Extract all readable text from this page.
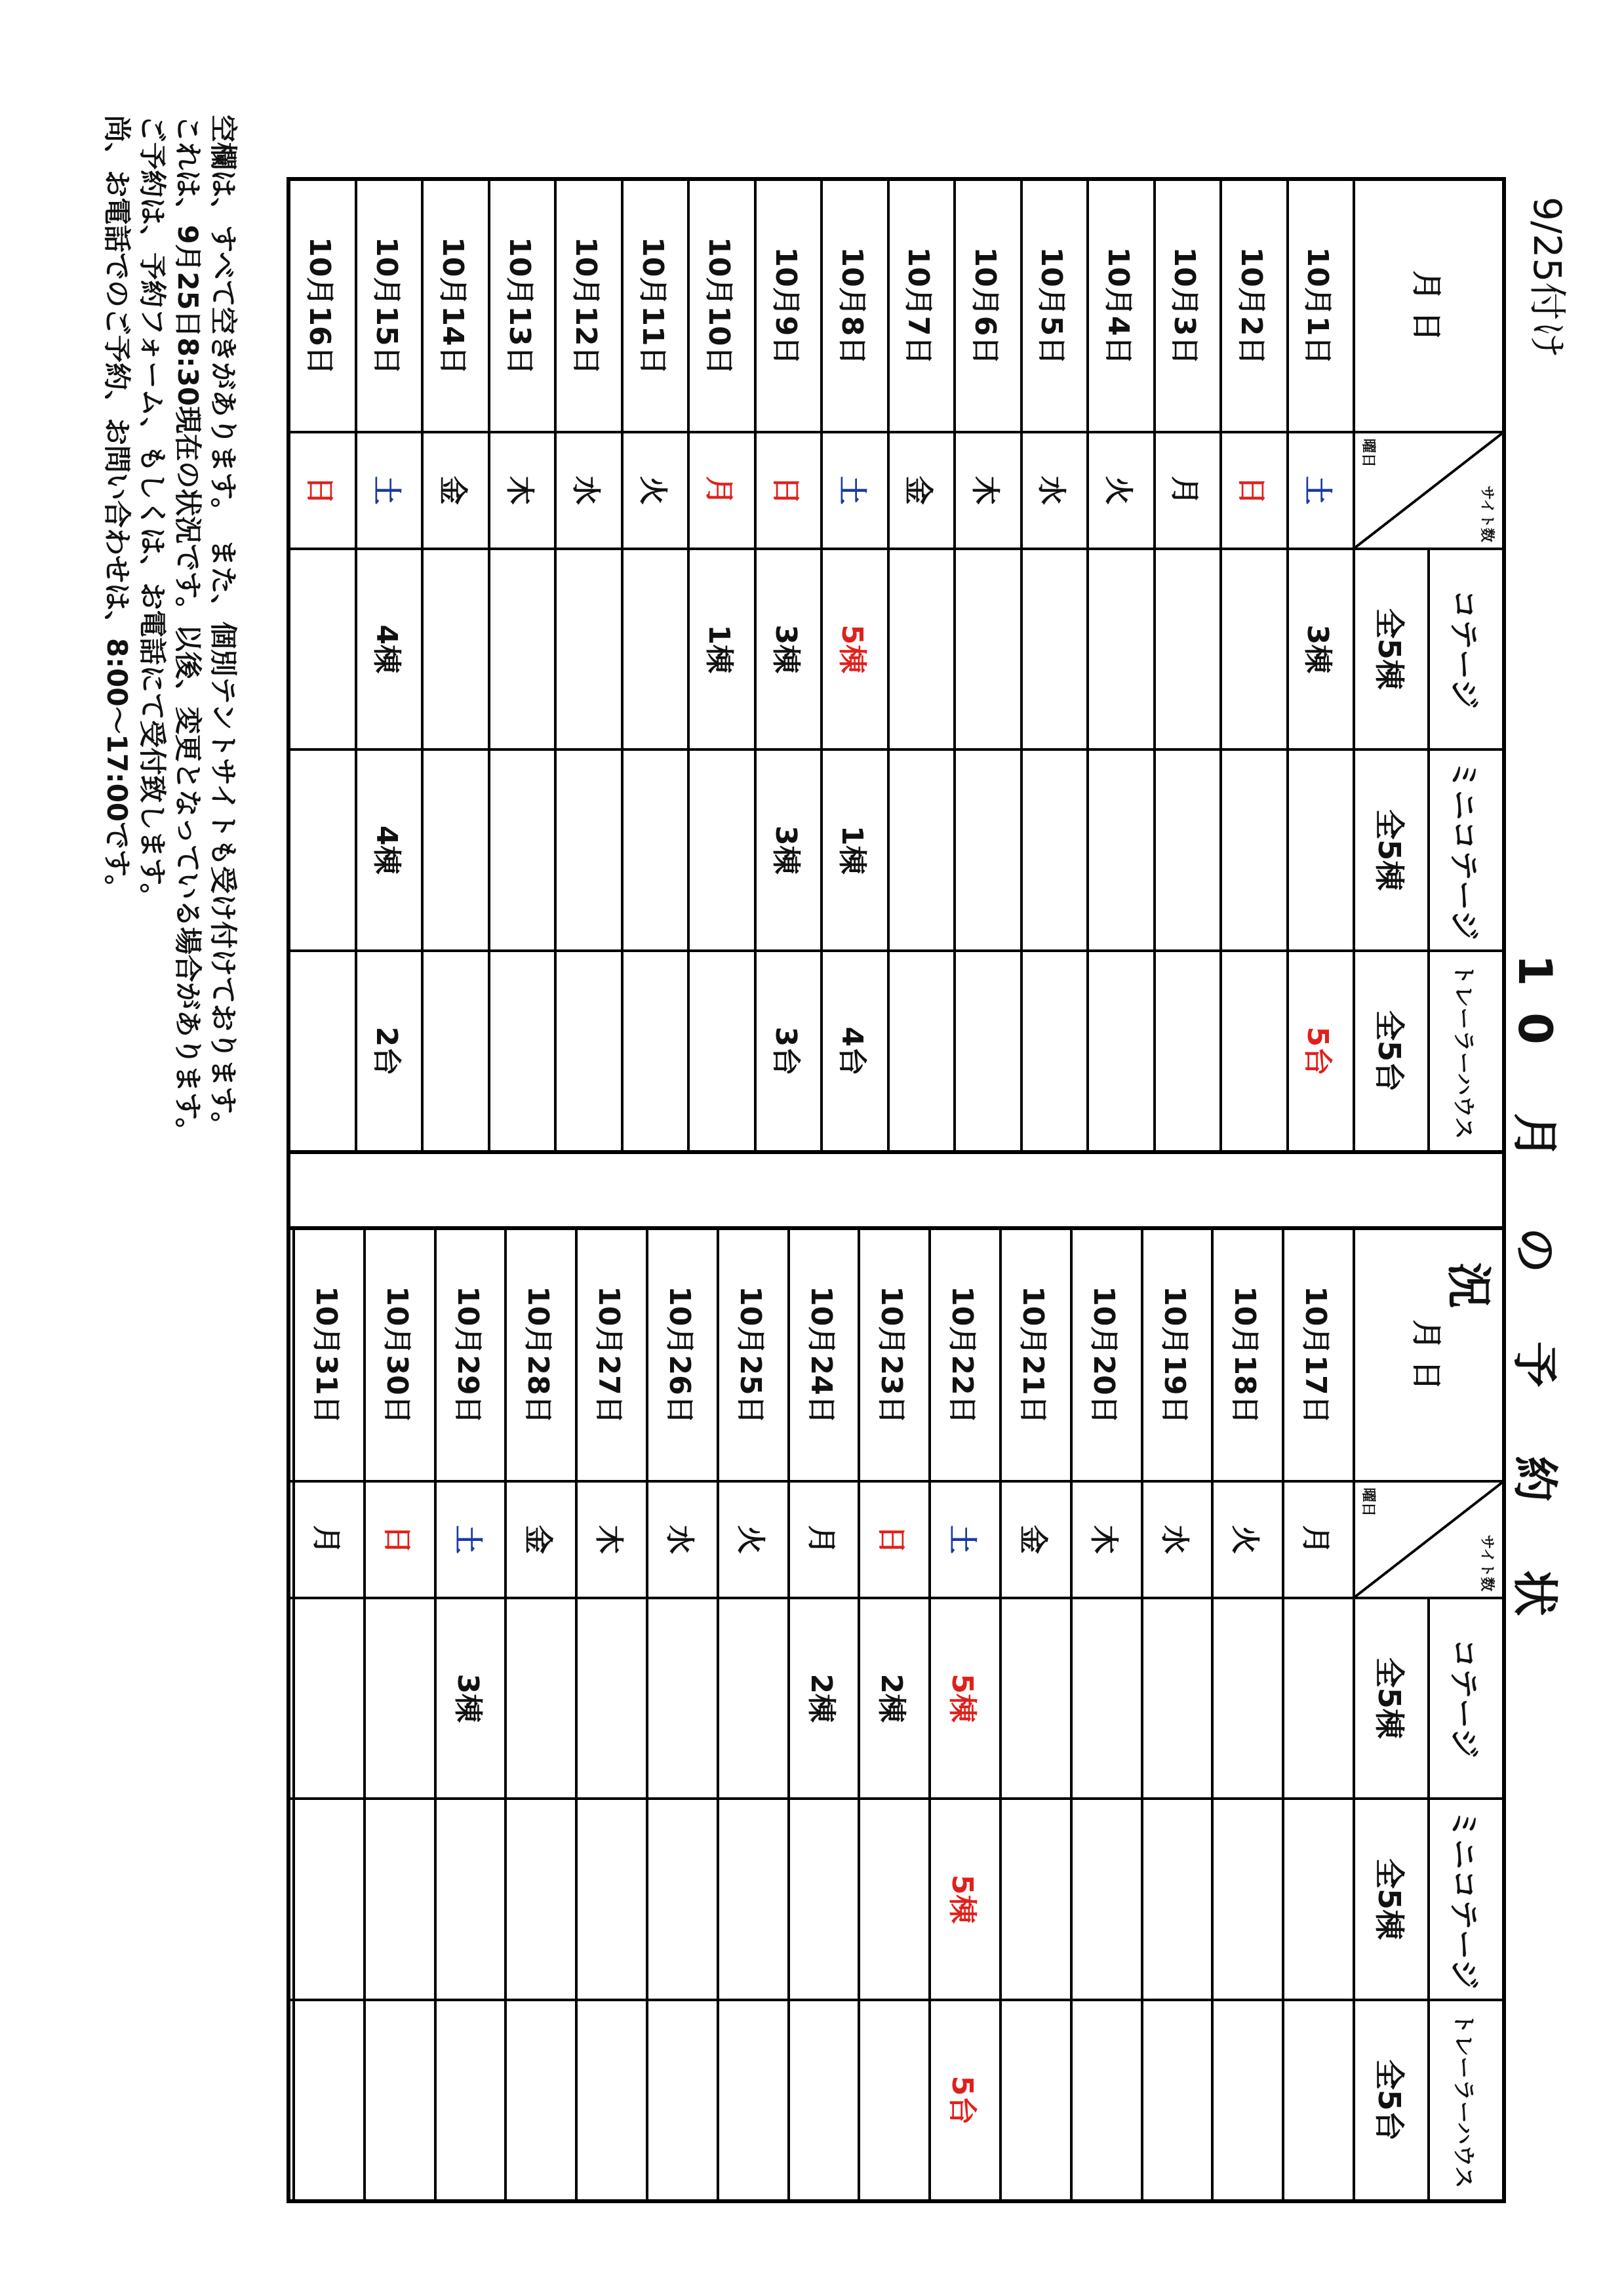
10 月 の 予 約 状 況
9/25付け
月 日	サイト数
曜日	コテージ	ミニコテージ	トレーラーハウス
		全5棟	全5棟	全5台
10月1日	土	3棟		5台
10月2日	日			
10月3日	月			
10月4日	火			
10月5日	水			
10月6日	木			
10月7日	金			
10月8日	土	5棟	1棟	4台
10月9日	日	3棟	3棟	3台
10月10日	月	1棟		
10月11日	火			
10月12日	水			
10月13日	木			
10月14日	金			
10月15日	土	4棟	4棟	2台
10月16日	日			
月 日	サイト数
曜日	コテージ	ミニコテージ	トレーラーハウス
		全5棟	全5棟	全5台
10月17日	月			
10月18日	火			
10月19日	水			
10月20日	木			
10月21日	金			
10月22日	土	5棟	5棟	5台
10月23日	日	2棟		
10月24日	月	2棟		
10月25日	火			
10月26日	水			
10月27日	木			
10月28日	金			
10月29日	土	3棟		
10月30日	日			
10月31日	月			

空欄は、すべて空きがあります。　また、個別テントサイトも受け付けております。
これは、9月25日8:30現在の状況です。以後、変更となっている場合があります。
ご予約は、予約フォーム、もしくは、お電話にて受付致します。
尚、お電話でのご予約、お問い合わせは、8:00～17:00です。
